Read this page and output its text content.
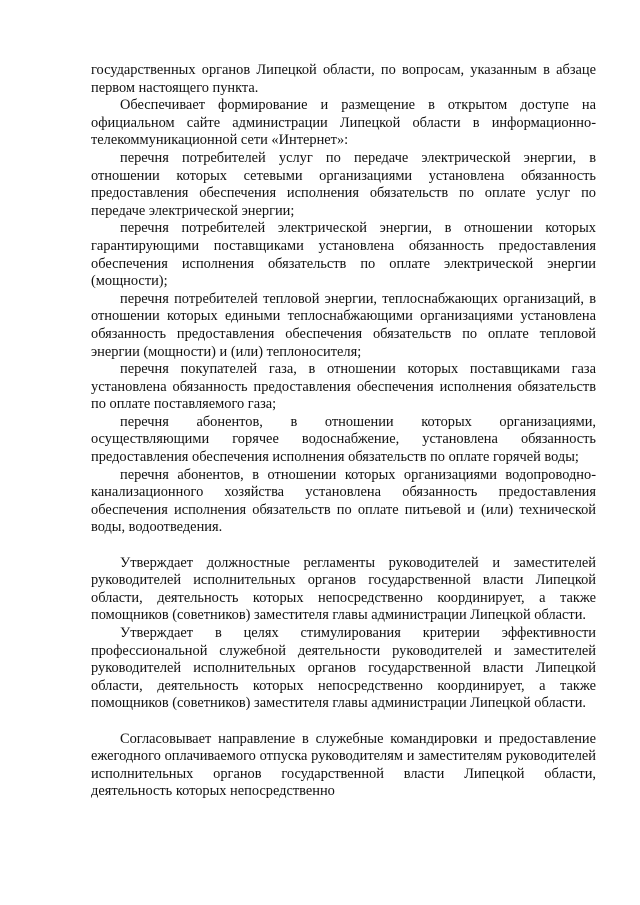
государственных органов Липецкой области, по вопросам, указанным в абзаце первом настоящего пункта.

Обеспечивает формирование и размещение в открытом доступе на официальном сайте администрации Липецкой области в информационно-телекоммуникационной сети «Интернет»:

перечня потребителей услуг по передаче электрической энергии, в отношении которых сетевыми организациями установлена обязанность предоставления обеспечения исполнения обязательств по оплате услуг по передаче электрической энергии;

перечня потребителей электрической энергии, в отношении которых гарантирующими поставщиками установлена обязанность предоставления обеспечения исполнения обязательств по оплате электрической энергии (мощности);

перечня потребителей тепловой энергии, теплоснабжающих организаций, в отношении которых едиными теплоснабжающими организациями установлена обязанность предоставления обеспечения обязательств по оплате тепловой энергии (мощности) и (или) теплоносителя;

перечня покупателей газа, в отношении которых поставщиками газа установлена обязанность предоставления обеспечения исполнения обязательств по оплате поставляемого газа;

перечня абонентов, в отношении которых организациями, осуществляющими горячее водоснабжение, установлена обязанность предоставления обеспечения исполнения обязательств по оплате горячей воды;

перечня абонентов, в отношении которых организациями водопроводно-канализационного хозяйства установлена обязанность предоставления обеспечения исполнения обязательств по оплате питьевой и (или) технической воды, водоотведения.

Утверждает должностные регламенты руководителей и заместителей руководителей исполнительных органов государственной власти Липецкой области, деятельность которых непосредственно координирует, а также помощников (советников) заместителя главы администрации Липецкой области.

Утверждает в целях стимулирования критерии эффективности профессиональной служебной деятельности руководителей и заместителей руководителей исполнительных органов государственной власти Липецкой области, деятельность которых непосредственно координирует, а также помощников (советников) заместителя главы администрации Липецкой области.

Согласовывает направление в служебные командировки и предоставление ежегодного оплачиваемого отпуска руководителям и заместителям руководителей исполнительных органов государственной власти Липецкой области, деятельность которых непосредственно
